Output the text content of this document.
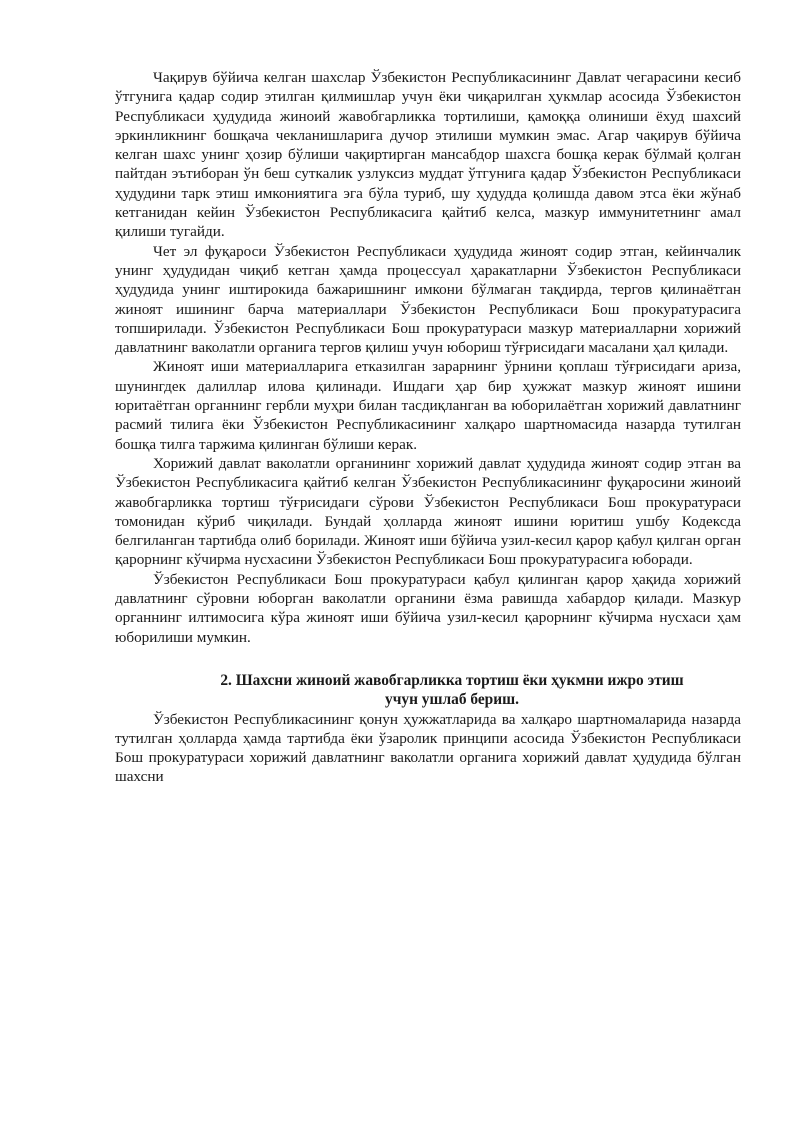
Чақирув бўйича келган шахслар Ўзбекистон Республикасининг Давлат чегарасини кесиб ўтгунига қадар содир этилган қилмишлар учун ёки чиқарилган ҳукмлар асосида Ўзбекистон Республикаси ҳудудида жиноий жавобгарликка тортилиши, қамоққа олиниши ёхуд шахсий эркинликнинг бошқача чекланишларига дучор этилиши мумкин эмас. Агар чақирув бўйича келган шахс унинг ҳозир бўлиши чақиртирган мансабдор шахсга бошқа керак бўлмай қолган пайтдан эътиборан ўн беш суткалик узлуксиз муддат ўтгунига қадар Ўзбекистон Республикаси ҳудудини тарк этиш имкониятига эга бўла туриб, шу ҳудудда қолишда давом этса ёки жўнаб кетганидан кейин Ўзбекистон Республикасига қайтиб келса, мазкур иммунитетнинг амал қилиши тугайди.

Чет эл фуқароси Ўзбекистон Республикаси ҳудудида жиноят содир этган, кейинчалик унинг ҳудудидан чиқиб кетган ҳамда процессуал ҳаракатларни Ўзбекистон Республикаси ҳудудида унинг иштирокида бажаришнинг имкони бўлмаган тақдирда, тергов қилинаётган жиноят ишининг барча материаллари Ўзбекистон Республикаси Бош прокуратурасига топширилади. Ўзбекистон Республикаси Бош прокуратураси мазкур материалларни хорижий давлатнинг ваколатли органига тергов қилиш учун юбориш тўғрисидаги масалани ҳал қилади.

Жиноят иши материалларига етказилган зарарнинг ўрнини қоплаш тўғрисидаги ариза, шунингдек далиллар илова қилинади. Ишдаги ҳар бир ҳужжат мазкур жиноят ишини юритаётган органнинг гербли муҳри билан тасдиқланган ва юборилаётган хорижий давлатнинг расмий тилига ёки Ўзбекистон Республикасининг халқаро шартномасида назарда тутилган бошқа тилга таржима қилинган бўлиши керак.

Хорижий давлат ваколатли органининг хорижий давлат ҳудудида жиноят содир этган ва Ўзбекистон Республикасига қайтиб келган Ўзбекистон Республикасининг фуқаросини жиноий жавобгарликка тортиш тўғрисидаги сўрови Ўзбекистон Республикаси Бош прокуратураси томонидан кўриб чиқилади. Бундай ҳолларда жиноят ишини юритиш ушбу Кодексда белгиланган тартибда олиб борилади. Жиноят иши бўйича узил-кесил қарор қабул қилган орган қарорнинг кўчирма нусхасини Ўзбекистон Республикаси Бош прокуратурасига юборади.

Ўзбекистон Республикаси Бош прокуратураси қабул қилинган қарор ҳақида хорижий давлатнинг сўровни юборган ваколатли органини ёзма равишда хабардор қилади. Мазкур органнинг илтимосига кўра жиноят иши бўйича узил-кесил қарорнинг кўчирма нусхаси ҳам юборилиши мумкин.

2. Шахсни жиноий жавобгарликка тортиш ёки ҳукмни ижро этиш
учун ушлаб бериш.

Ўзбекистон Республикасининг қонун ҳужжатларида ва халқаро шартномаларида назарда тутилган ҳолларда ҳамда тартибда ёки ўзаролик принципи асосида Ўзбекистон Республикаси Бош прокуратураси хорижий давлатнинг ваколатли органига хорижий давлат ҳудудида бўлган шахсни
